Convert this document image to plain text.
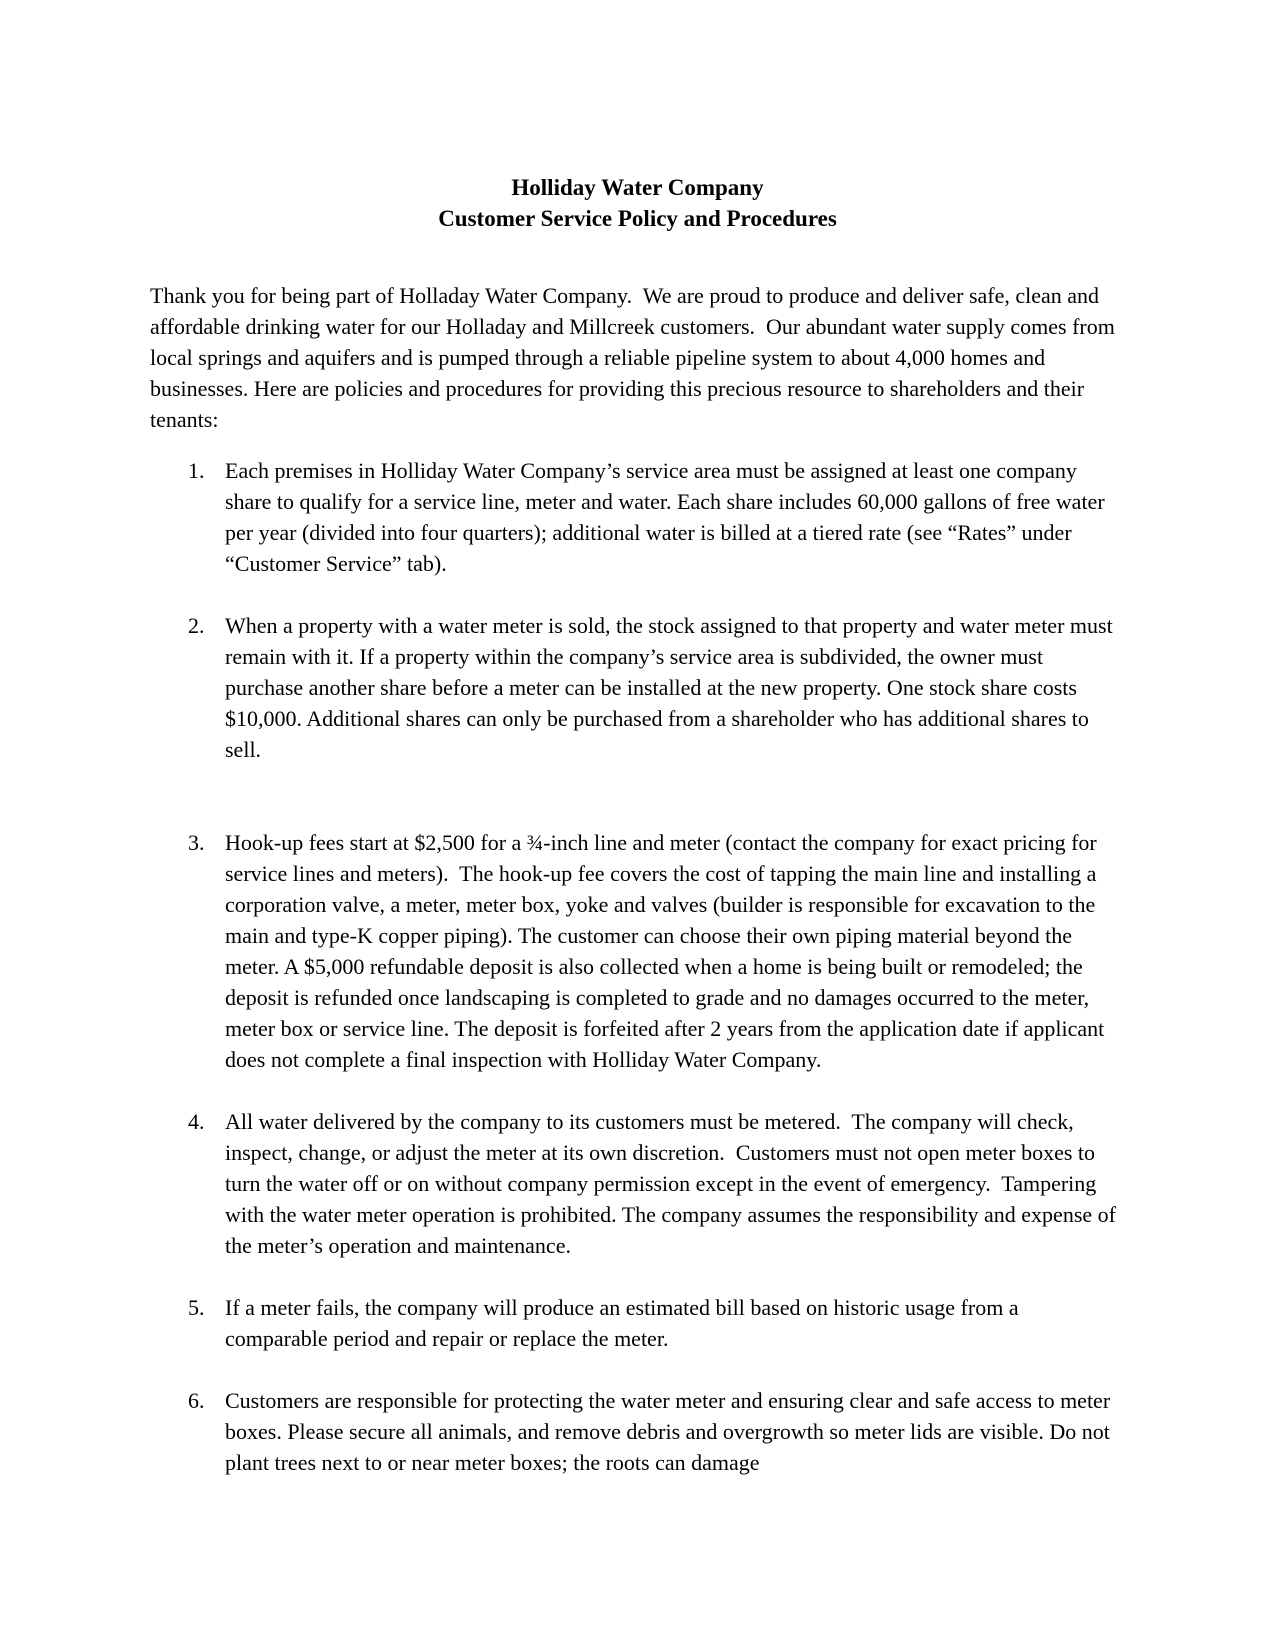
Holliday Water Company
Customer Service Policy and Procedures

Thank you for being part of Holladay Water Company.  We are proud to produce and deliver safe, clean and affordable drinking water for our Holladay and Millcreek customers.  Our abundant water supply comes from local springs and aquifers and is pumped through a reliable pipeline system to about 4,000 homes and businesses. Here are policies and procedures for providing this precious resource to shareholders and their tenants:

1. Each premises in Holliday Water Company’s service area must be assigned at least one company share to qualify for a service line, meter and water. Each share includes 60,000 gallons of free water per year (divided into four quarters); additional water is billed at a tiered rate (see “Rates” under “Customer Service” tab).
2. When a property with a water meter is sold, the stock assigned to that property and water meter must remain with it. If a property within the company’s service area is subdivided, the owner must purchase another share before a meter can be installed at the new property. One stock share costs $10,000. Additional shares can only be purchased from a shareholder who has additional shares to sell.
3. Hook-up fees start at $2,500 for a ¾-inch line and meter (contact the company for exact pricing for service lines and meters).  The hook-up fee covers the cost of tapping the main line and installing a corporation valve, a meter, meter box, yoke and valves (builder is responsible for excavation to the main and type-K copper piping). The customer can choose their own piping material beyond the meter. A $5,000 refundable deposit is also collected when a home is being built or remodeled; the deposit is refunded once landscaping is completed to grade and no damages occurred to the meter, meter box or service line. The deposit is forfeited after 2 years from the application date if applicant does not complete a final inspection with Holliday Water Company.
4. All water delivered by the company to its customers must be metered.  The company will check, inspect, change, or adjust the meter at its own discretion.  Customers must not open meter boxes to turn the water off or on without company permission except in the event of emergency.  Tampering with the water meter operation is prohibited. The company assumes the responsibility and expense of the meter’s operation and maintenance.
5. If a meter fails, the company will produce an estimated bill based on historic usage from a comparable period and repair or replace the meter.
6. Customers are responsible for protecting the water meter and ensuring clear and safe access to meter boxes. Please secure all animals, and remove debris and overgrowth so meter lids are visible. Do not plant trees next to or near meter boxes; the roots can damage
